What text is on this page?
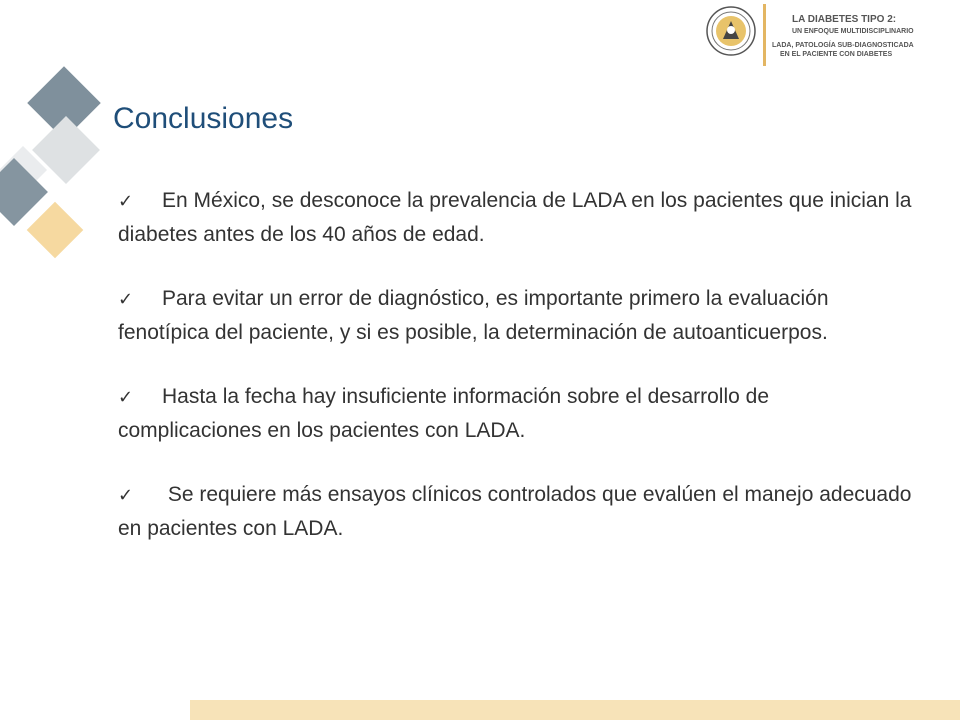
LA DIABETES TIPO 2:
UN ENFOQUE MULTIDISCIPLINARIO
LADA, PATOLOGÍA SUB-DIAGNOSTICADA
EN EL PACIENTE CON DIABETES
Conclusiones

✓ En México, se desconoce la prevalencia de LADA en los pacientes que inician la diabetes antes de los 40 años de edad.

✓ Para evitar un error de diagnóstico, es importante primero la evaluación fenotípica del paciente, y si es posible, la determinación de autoanticuerpos.

✓ Hasta la fecha hay insuficiente información sobre el desarrollo de complicaciones en los pacientes con LADA.

✓ Se requiere más ensayos clínicos controlados que evalúen el manejo adecuado en pacientes con LADA.
